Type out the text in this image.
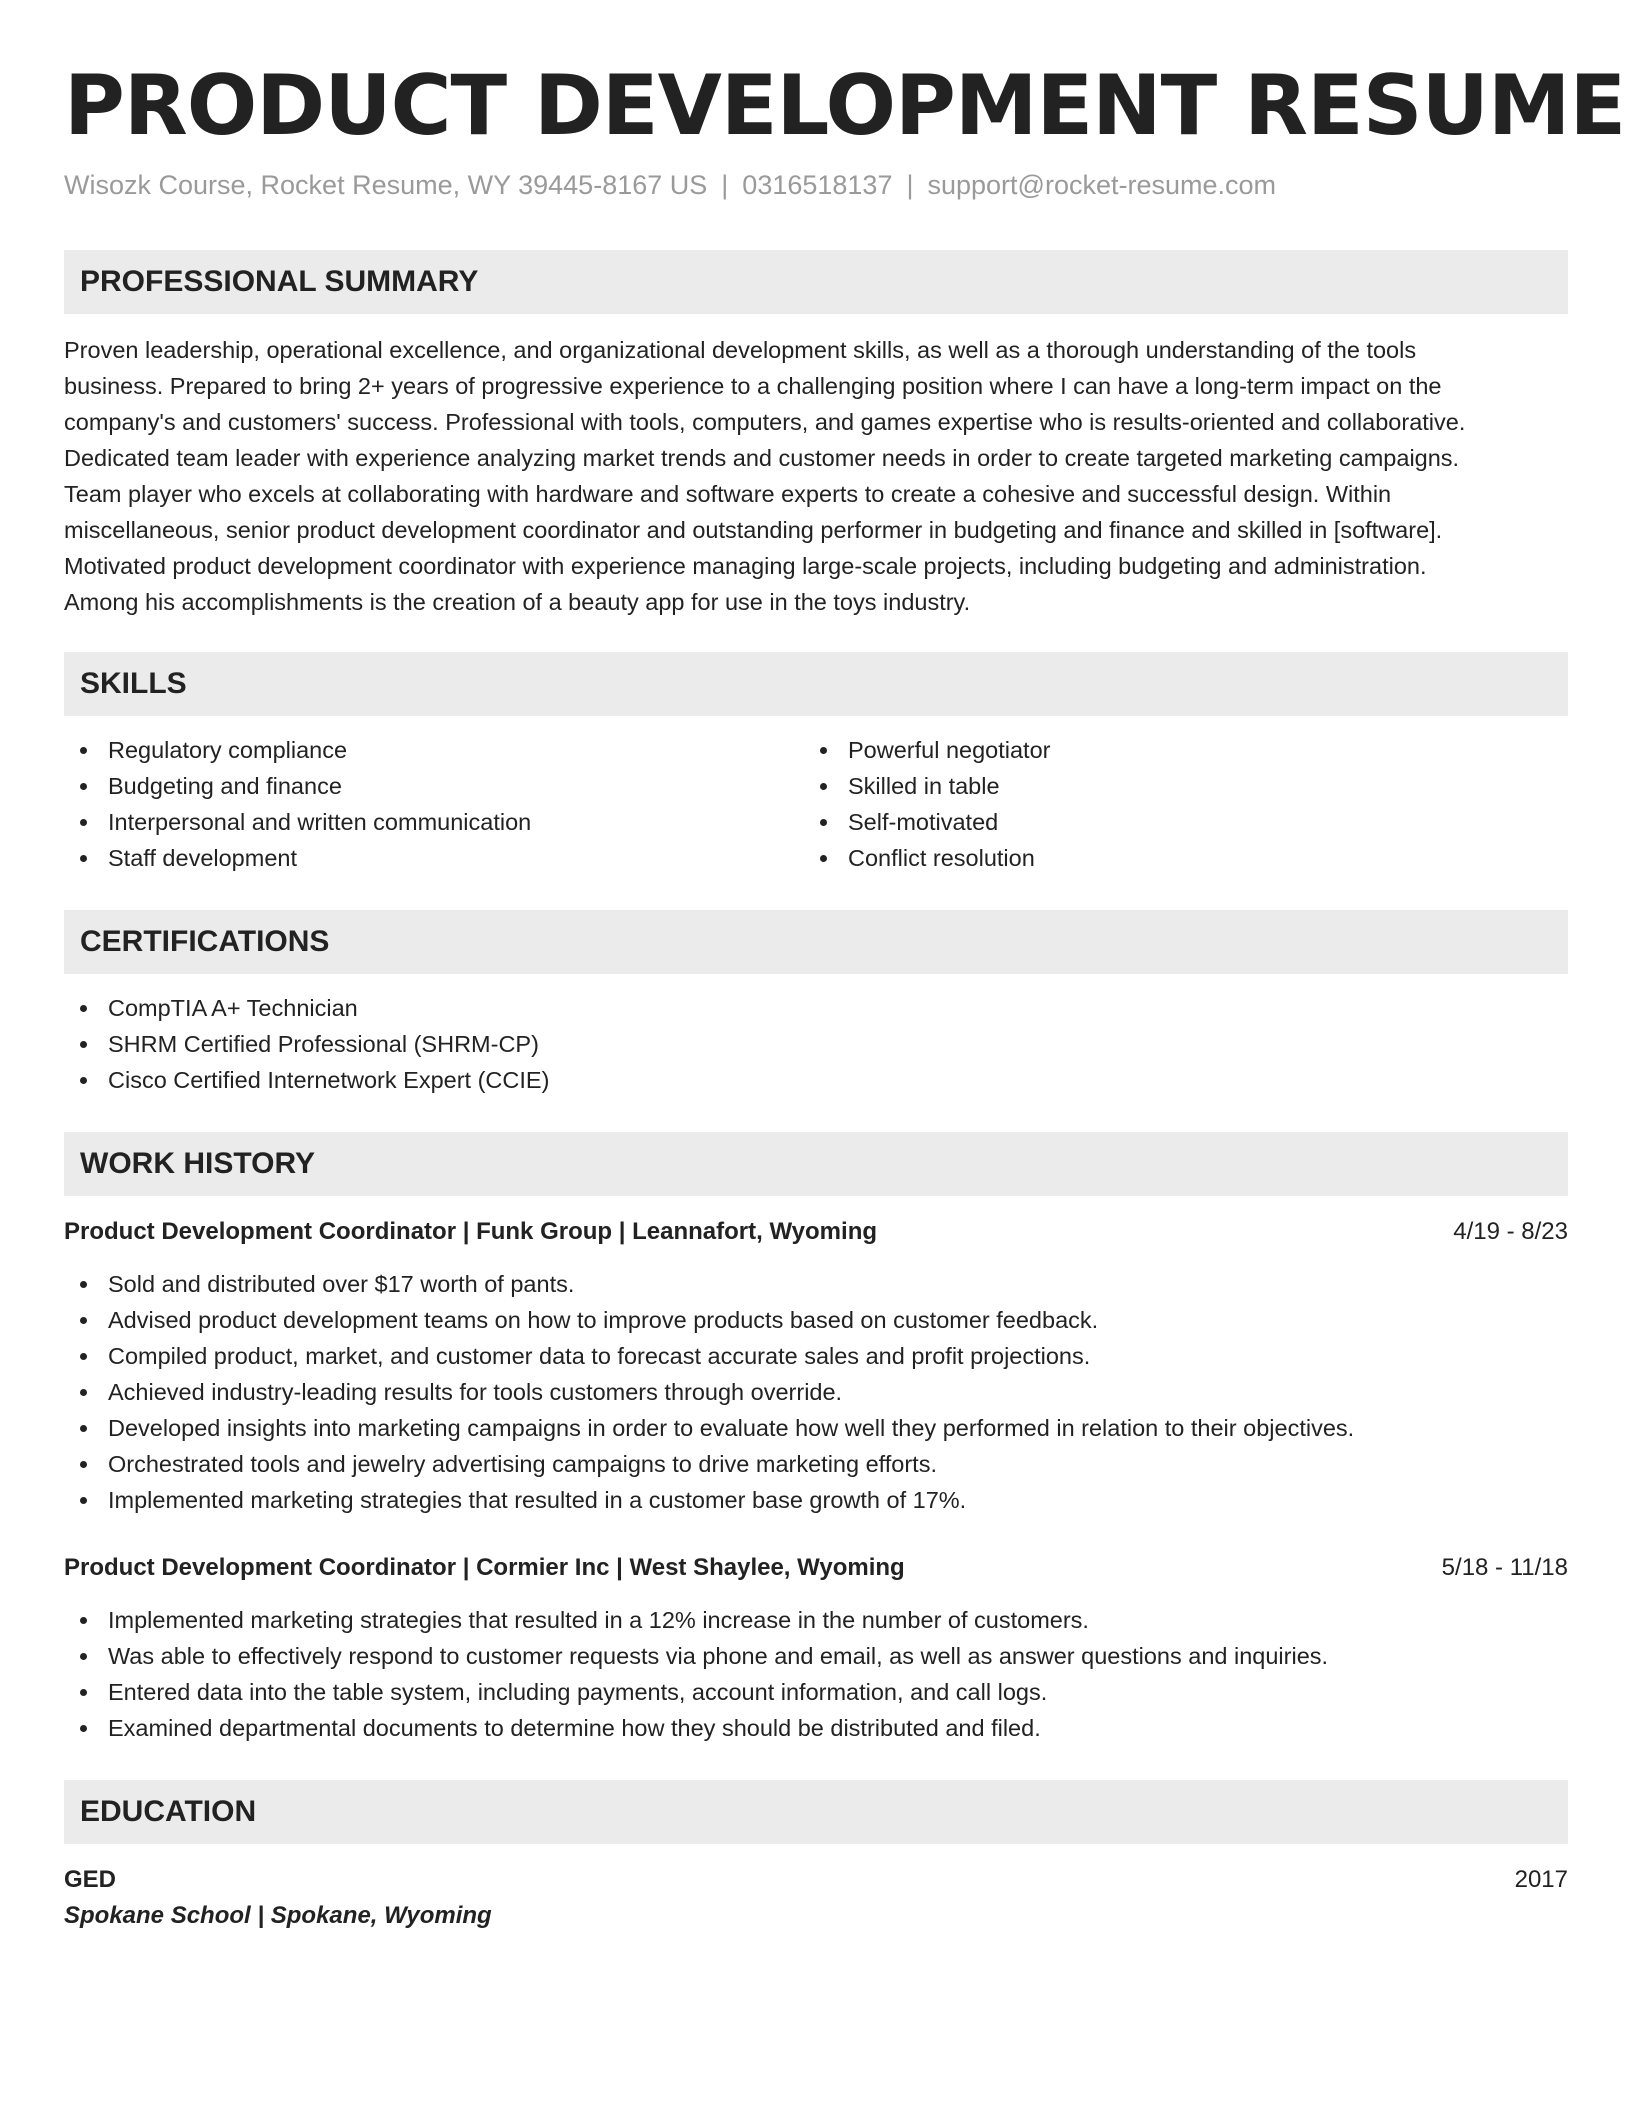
PRODUCT DEVELOPMENT RESUME
Wisozk Course, Rocket Resume, WY 39445-8167 US | 0316518137 | support@rocket-resume.com
PROFESSIONAL SUMMARY
Proven leadership, operational excellence, and organizational development skills, as well as a thorough understanding of the tools
business. Prepared to bring 2+ years of progressive experience to a challenging position where I can have a long-term impact on the
company's and customers' success. Professional with tools, computers, and games expertise who is results-oriented and collaborative.
Dedicated team leader with experience analyzing market trends and customer needs in order to create targeted marketing campaigns.
Team player who excels at collaborating with hardware and software experts to create a cohesive and successful design. Within
miscellaneous, senior product development coordinator and outstanding performer in budgeting and finance and skilled in [software].
Motivated product development coordinator with experience managing large-scale projects, including budgeting and administration.
Among his accomplishments is the creation of a beauty app for use in the toys industry.
SKILLS
Regulatory compliance
Budgeting and finance
Interpersonal and written communication
Staff development
Powerful negotiator
Skilled in table
Self-motivated
Conflict resolution
CERTIFICATIONS
CompTIA A+ Technician
SHRM Certified Professional (SHRM-CP)
Cisco Certified Internetwork Expert (CCIE)
WORK HISTORY
Product Development Coordinator | Funk Group | Leannafort, Wyoming	4/19 - 8/23
Sold and distributed over $17 worth of pants.
Advised product development teams on how to improve products based on customer feedback.
Compiled product, market, and customer data to forecast accurate sales and profit projections.
Achieved industry-leading results for tools customers through override.
Developed insights into marketing campaigns in order to evaluate how well they performed in relation to their objectives.
Orchestrated tools and jewelry advertising campaigns to drive marketing efforts.
Implemented marketing strategies that resulted in a customer base growth of 17%.
Product Development Coordinator | Cormier Inc | West Shaylee, Wyoming	5/18 - 11/18
Implemented marketing strategies that resulted in a 12% increase in the number of customers.
Was able to effectively respond to customer requests via phone and email, as well as answer questions and inquiries.
Entered data into the table system, including payments, account information, and call logs.
Examined departmental documents to determine how they should be distributed and filed.
EDUCATION
GED	2017
Spokane School | Spokane, Wyoming
